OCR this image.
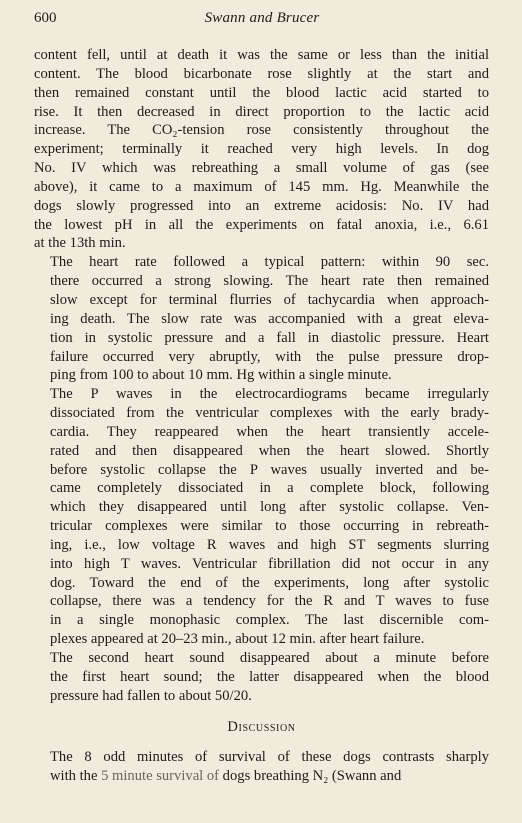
600	Swann and Brucer
content fell, until at death it was the same or less than the initial
content. The blood bicarbonate rose slightly at the start and
then remained constant until the blood lactic acid started to
rise. It then decreased in direct proportion to the lactic acid
increase. The CO₂-tension rose consistently throughout the
experiment; terminally it reached very high levels. In dog
No. IV which was rebreathing a small volume of gas (see
above), it came to a maximum of 145 mm. Hg. Meanwhile the
dogs slowly progressed into an extreme acidosis: No. IV had
the lowest pH in all the experiments on fatal anoxia, i.e., 6.61
at the 13th min.
The heart rate followed a typical pattern: within 90 sec.
there occurred a strong slowing. The heart rate then remained
slow except for terminal flurries of tachycardia when approach-
ing death. The slow rate was accompanied with a great eleva-
tion in systolic pressure and a fall in diastolic pressure. Heart
failure occurred very abruptly, with the pulse pressure drop-
ping from 100 to about 10 mm. Hg within a single minute.
The P waves in the electrocardiograms became irregularly
dissociated from the ventricular complexes with the early brady-
cardia. They reappeared when the heart transiently accele-
rated and then disappeared when the heart slowed. Shortly
before systolic collapse the P waves usually inverted and be-
came completely dissociated in a complete block, following
which they disappeared until long after systolic collapse. Ven-
tricular complexes were similar to those occurring in rebreath-
ing, i.e., low voltage R waves and high ST segments slurring
into high T waves. Ventricular fibrillation did not occur in any
dog. Toward the end of the experiments, long after systolic
collapse, there was a tendency for the R and T waves to fuse
in a single monophasic complex. The last discernible com-
plexes appeared at 20–23 min., about 12 min. after heart failure.
The second heart sound disappeared about a minute before
the first heart sound; the latter disappeared when the blood
pressure had fallen to about 50/20.
Discussion
The 8 odd minutes of survival of these dogs contrasts sharply
with the 5 minute survival of dogs breathing N₂ (Swann and
